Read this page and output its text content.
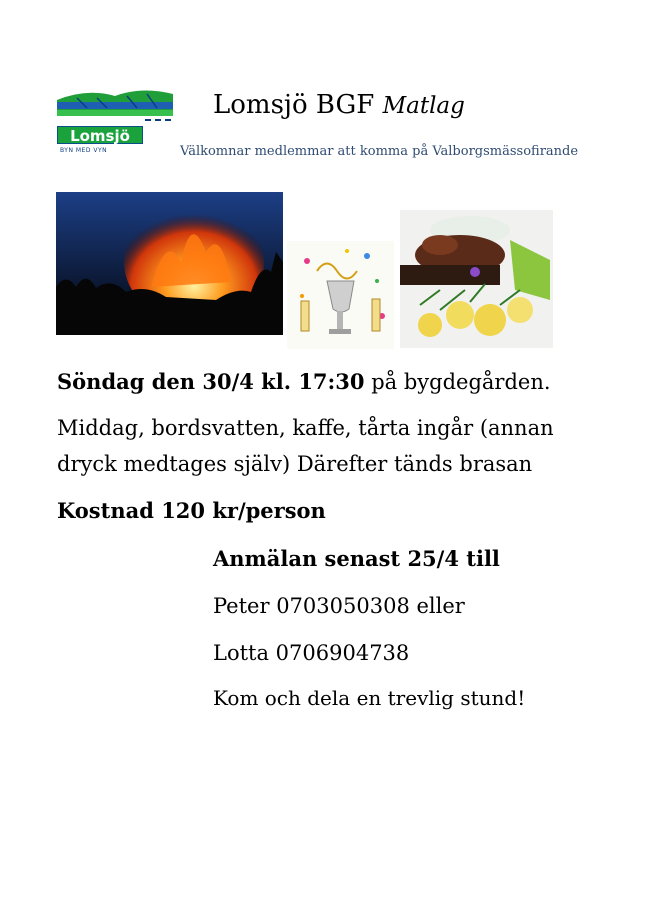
Lomsjö
BYN MED VYN
Lomsjö BGF Matlag
Välkomnar medlemmar att komma på Valborgsmässofirande
Söndag den 30/4 kl. 17:30 på bygdegården.
Middag, bordsvatten, kaffe, tårta ingår (annan
dryck medtages själv) Därefter tänds brasan
Kostnad 120 kr/person
Anmälan senast 25/4 till
Peter 0703050308 eller
Lotta 0706904738
Kom och dela en trevlig stund!
